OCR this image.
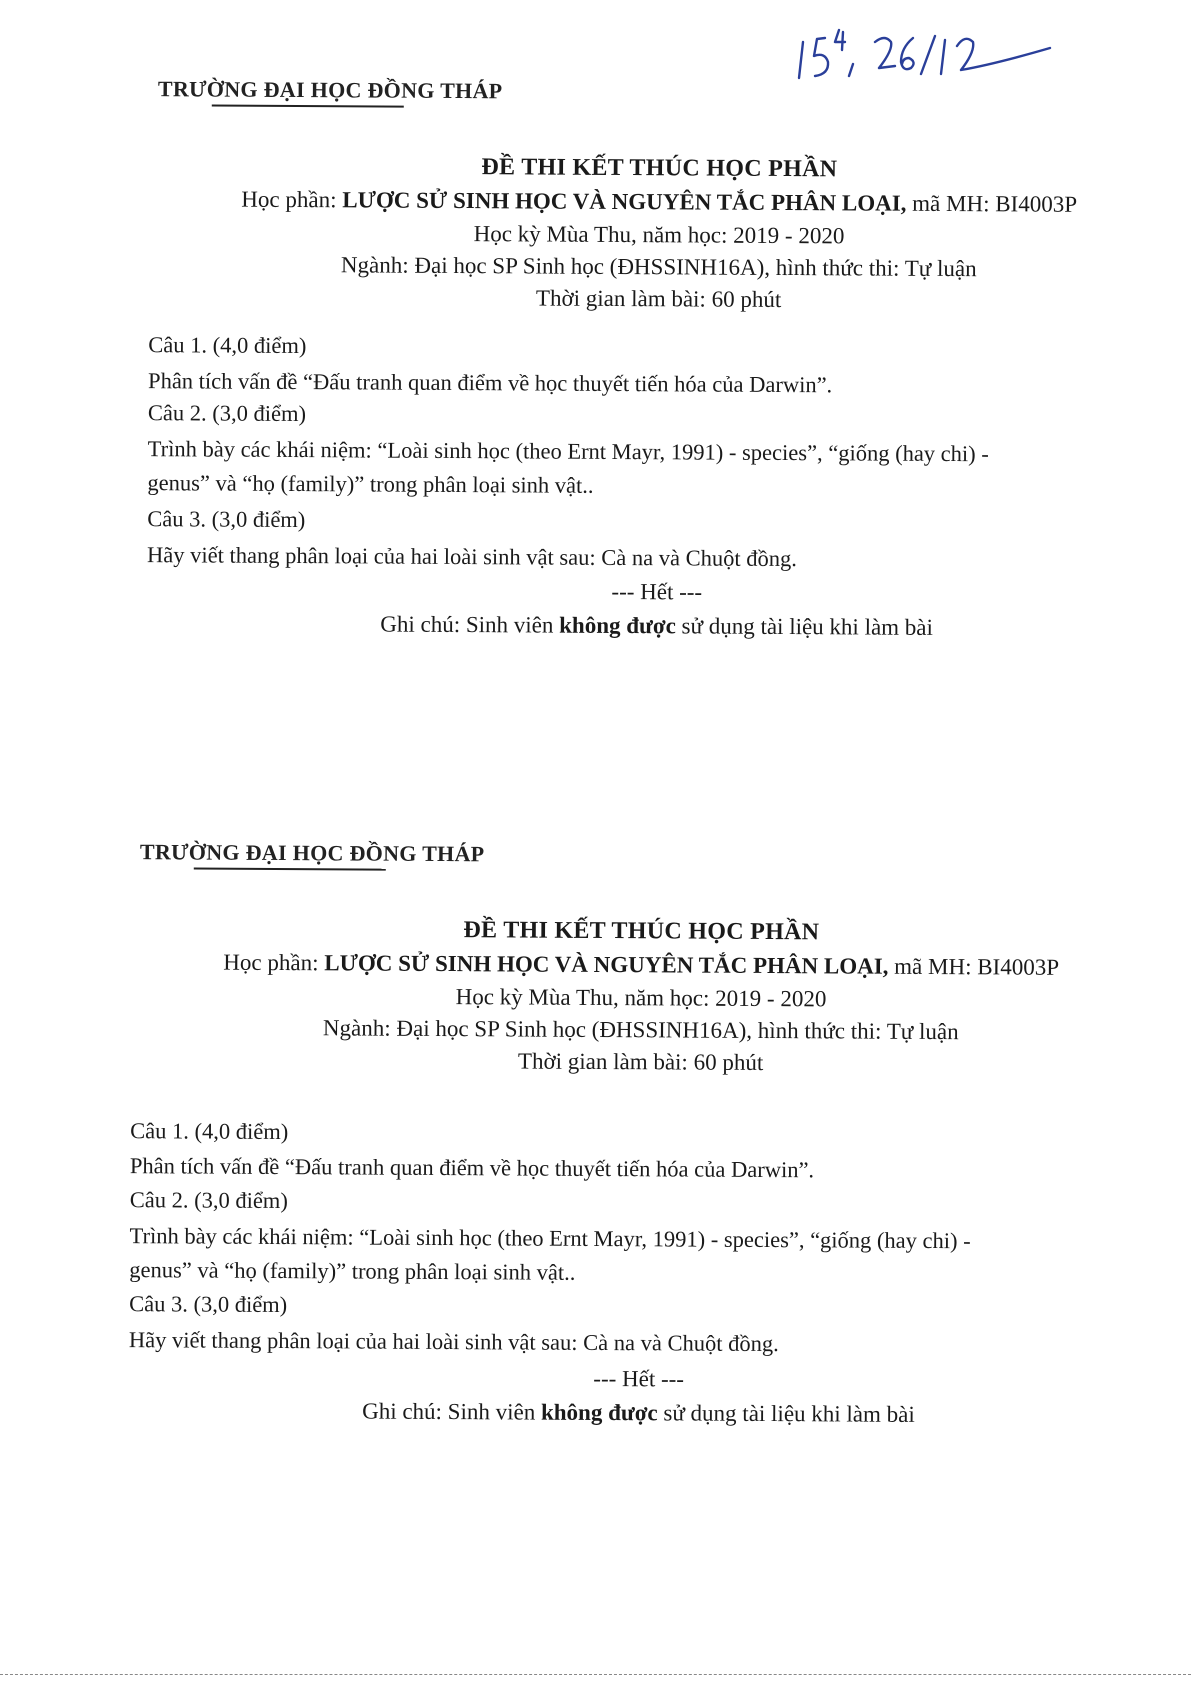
TRƯỜNG ĐẠI HỌC ĐỒNG THÁP
ĐỀ THI KẾT THÚC HỌC PHẦN
Học phần: LƯỢC SỬ SINH HỌC VÀ NGUYÊN TẮC PHÂN LOẠI, mã MH: BI4003P
Học kỳ Mùa Thu, năm học: 2019 - 2020
Ngành: Đại học SP Sinh học (ĐHSSINH16A), hình thức thi: Tự luận
Thời gian làm bài: 60 phút
Câu 1. (4,0 điểm)
Phân tích vấn đề “Đấu tranh quan điểm về học thuyết tiến hóa của Darwin”.
Câu 2. (3,0 điểm)
Trình bày các khái niệm: “Loài sinh học (theo Ernt Mayr, 1991) - species”, “giống (hay chi) -
genus” và “họ (family)” trong phân loại sinh vật..
Câu 3. (3,0 điểm)
Hãy viết thang phân loại của hai loài sinh vật sau: Cà na và Chuột đồng.
--- Hết ---
Ghi chú: Sinh viên không được sử dụng tài liệu khi làm bài
TRƯỜNG ĐẠI HỌC ĐỒNG THÁP
ĐỀ THI KẾT THÚC HỌC PHẦN
Học phần: LƯỢC SỬ SINH HỌC VÀ NGUYÊN TẮC PHÂN LOẠI, mã MH: BI4003P
Học kỳ Mùa Thu, năm học: 2019 - 2020
Ngành: Đại học SP Sinh học (ĐHSSINH16A), hình thức thi: Tự luận
Thời gian làm bài: 60 phút
Câu 1. (4,0 điểm)
Phân tích vấn đề “Đấu tranh quan điểm về học thuyết tiến hóa của Darwin”.
Câu 2. (3,0 điểm)
Trình bày các khái niệm: “Loài sinh học (theo Ernt Mayr, 1991) - species”, “giống (hay chi) -
genus” và “họ (family)” trong phân loại sinh vật..
Câu 3. (3,0 điểm)
Hãy viết thang phân loại của hai loài sinh vật sau: Cà na và Chuột đồng.
--- Hết ---
Ghi chú: Sinh viên không được sử dụng tài liệu khi làm bài
